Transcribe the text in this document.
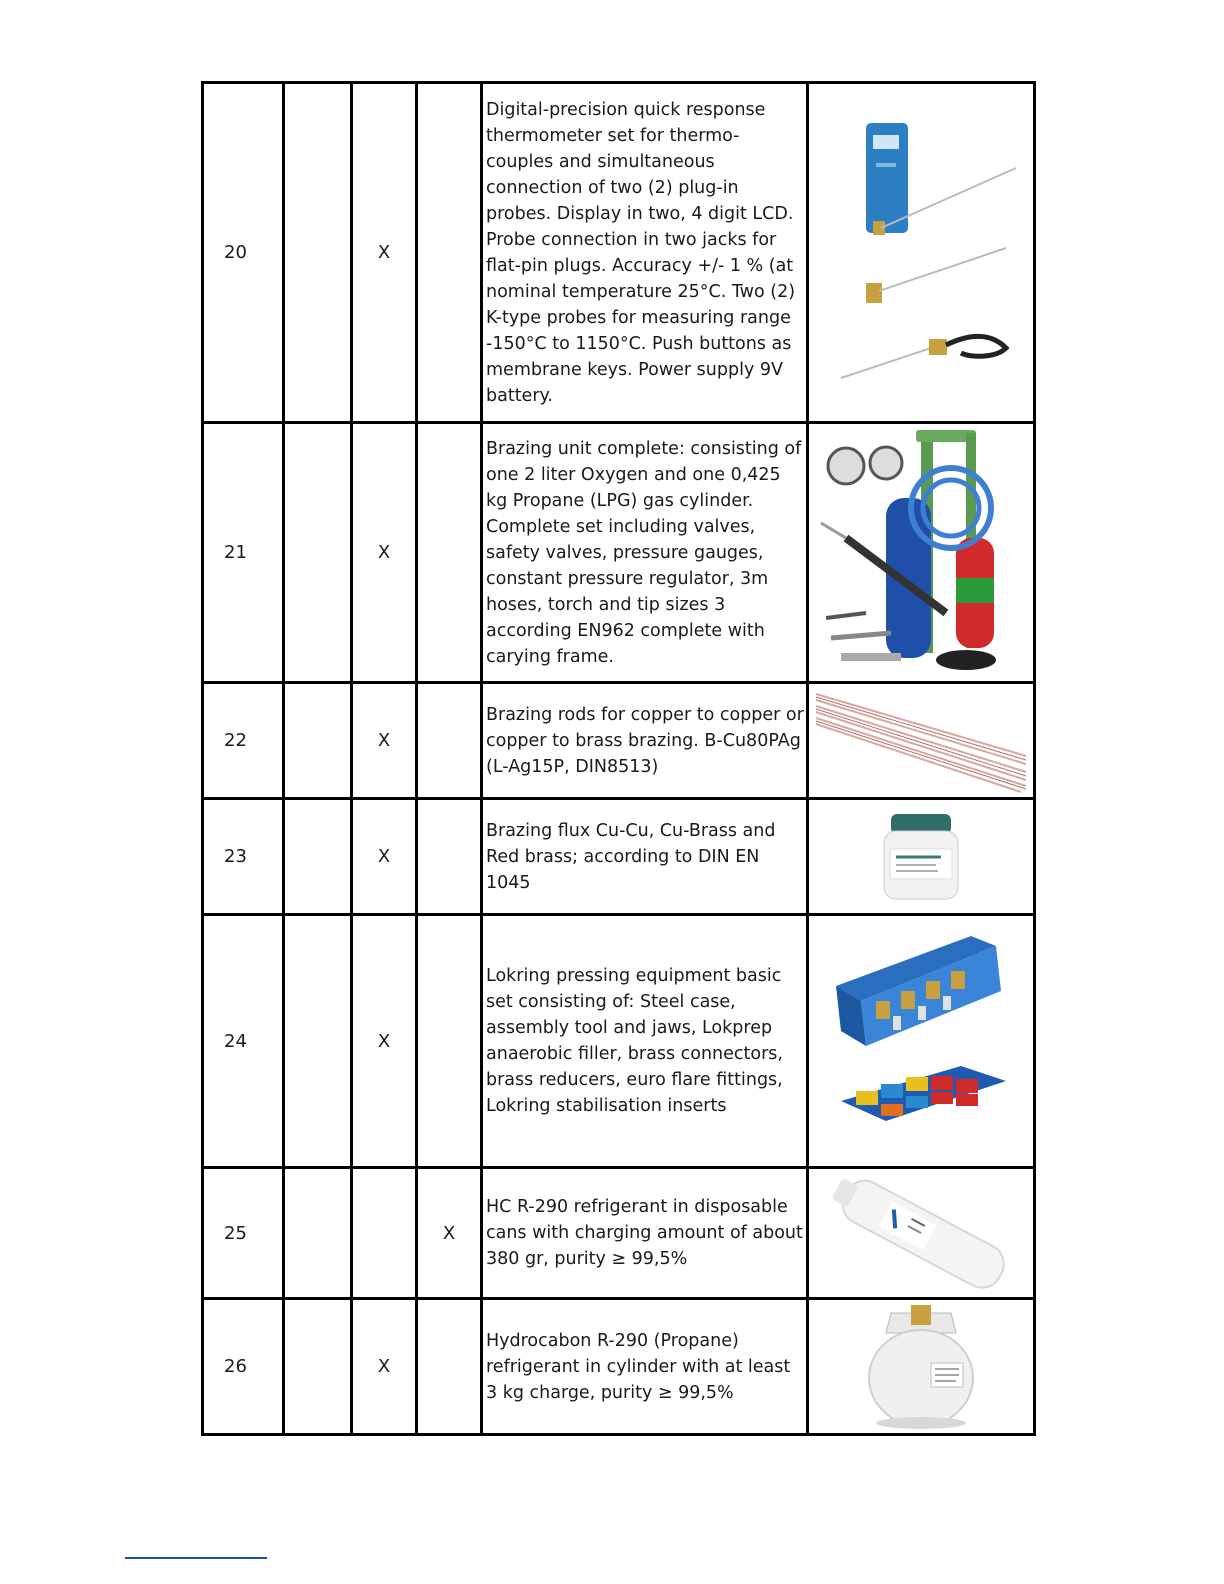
20		X		Digital-precision quick response thermometer set for thermo-couples and simultaneous connection of two (2) plug-in probes. Display in two, 4 digit LCD. Probe connection in two jacks for flat-pin plugs. Accuracy +/- 1 % (at nominal temperature 25°C. Two (2) K-type probes for measuring range -150°C to 1150°C. Push buttons as membrane keys. Power supply 9V battery.	

21		X		Brazing unit complete: consisting of one 2 liter Oxygen and one 0,425 kg Propane (LPG) gas cylinder. Complete set including valves, safety valves, pressure gauges, constant pressure regulator, 3m hoses, torch and tip sizes 3 according EN962 complete with carying frame.	

22		X		Brazing rods for copper to copper or copper to brass brazing. B-Cu80PAg (L-Ag15P, DIN8513)	

23		X		Brazing flux Cu-Cu, Cu-Brass and Red brass; according to DIN EN 1045	

24		X		Lokring pressing equipment basic set consisting of: Steel case, assembly tool and jaws, Lokprep anaerobic filler, brass connectors, brass reducers, euro flare fittings, Lokring stabilisation inserts	

25			X	HC R-290 refrigerant in disposable cans with charging amount of about 380 gr, purity ≥ 99,5%	

26		X		Hydrocabon R-290 (Propane) refrigerant in cylinder with at least 3 kg charge, purity ≥ 99,5%	
